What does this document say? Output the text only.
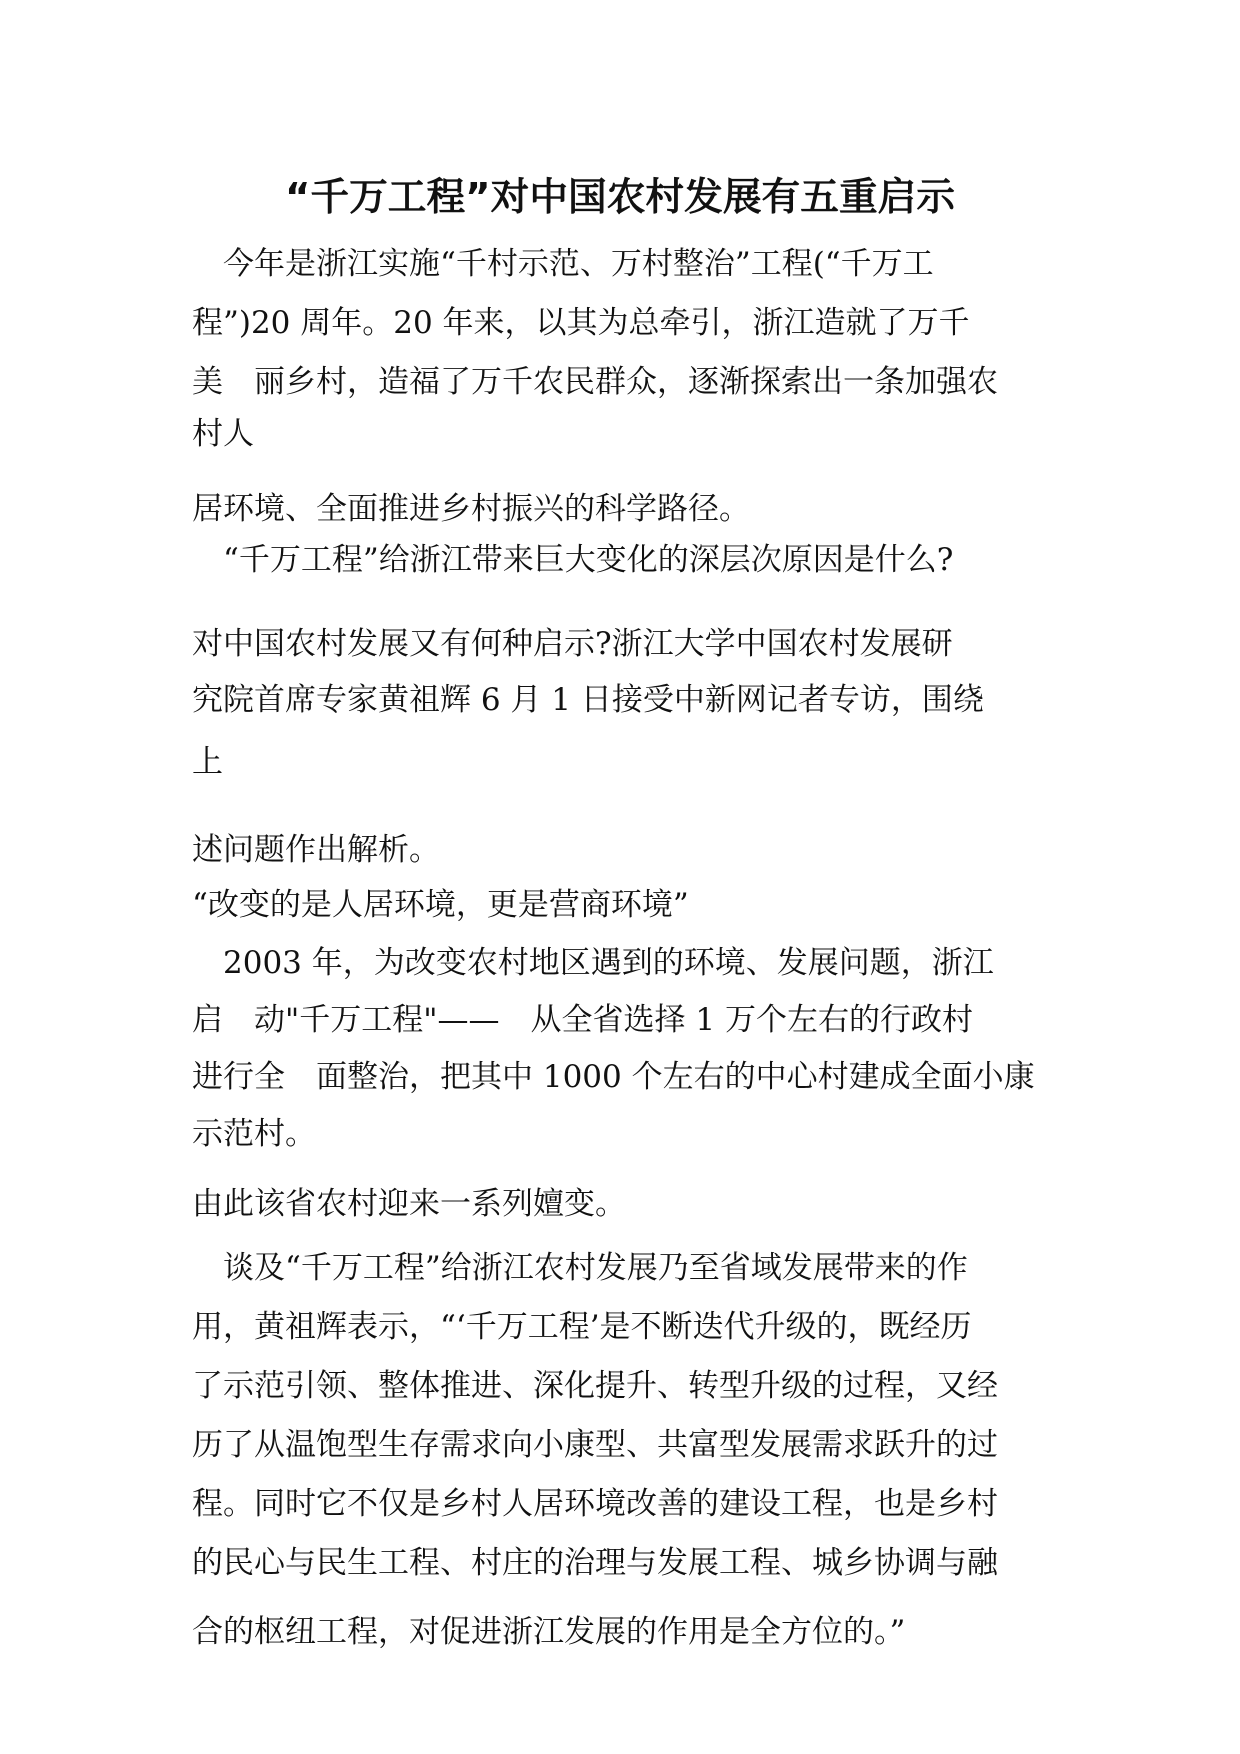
“千万工程”对中国农村发展有五重启示
　今年是浙江实施“千村示范、万村整治”工程(“千万工
程”)20 周年。20 年来，以其为总牵引，浙江造就了万千
美　丽乡村，造福了万千农民群众，逐渐探索出一条加强农
村人
居环境、全面推进乡村振兴的科学路径。
　“千万工程”给浙江带来巨大变化的深层次原因是什么?
对中国农村发展又有何种启示?浙江大学中国农村发展研
究院首席专家黄祖辉 6 月 1 日接受中新网记者专访，围绕
上
述问题作出解析。
“改变的是人居环境，更是营商环境”
　2003 年，为改变农村地区遇到的环境、发展问题，浙江
启　动"千万工程"——　从全省选择 1 万个左右的行政村
进行全　面整治，把其中 1000 个左右的中心村建成全面小康
示范村。
由此该省农村迎来一系列嬗变。
　谈及“千万工程”给浙江农村发展乃至省域发展带来的作
用，黄祖辉表示，“‘千万工程’是不断迭代升级的，既经历
了示范引领、整体推进、深化提升、转型升级的过程，又经
历了从温饱型生存需求向小康型、共富型发展需求跃升的过
程。同时它不仅是乡村人居环境改善的建设工程，也是乡村
的民心与民生工程、村庄的治理与发展工程、城乡协调与融
合的枢纽工程，对促进浙江发展的作用是全方位的。”
